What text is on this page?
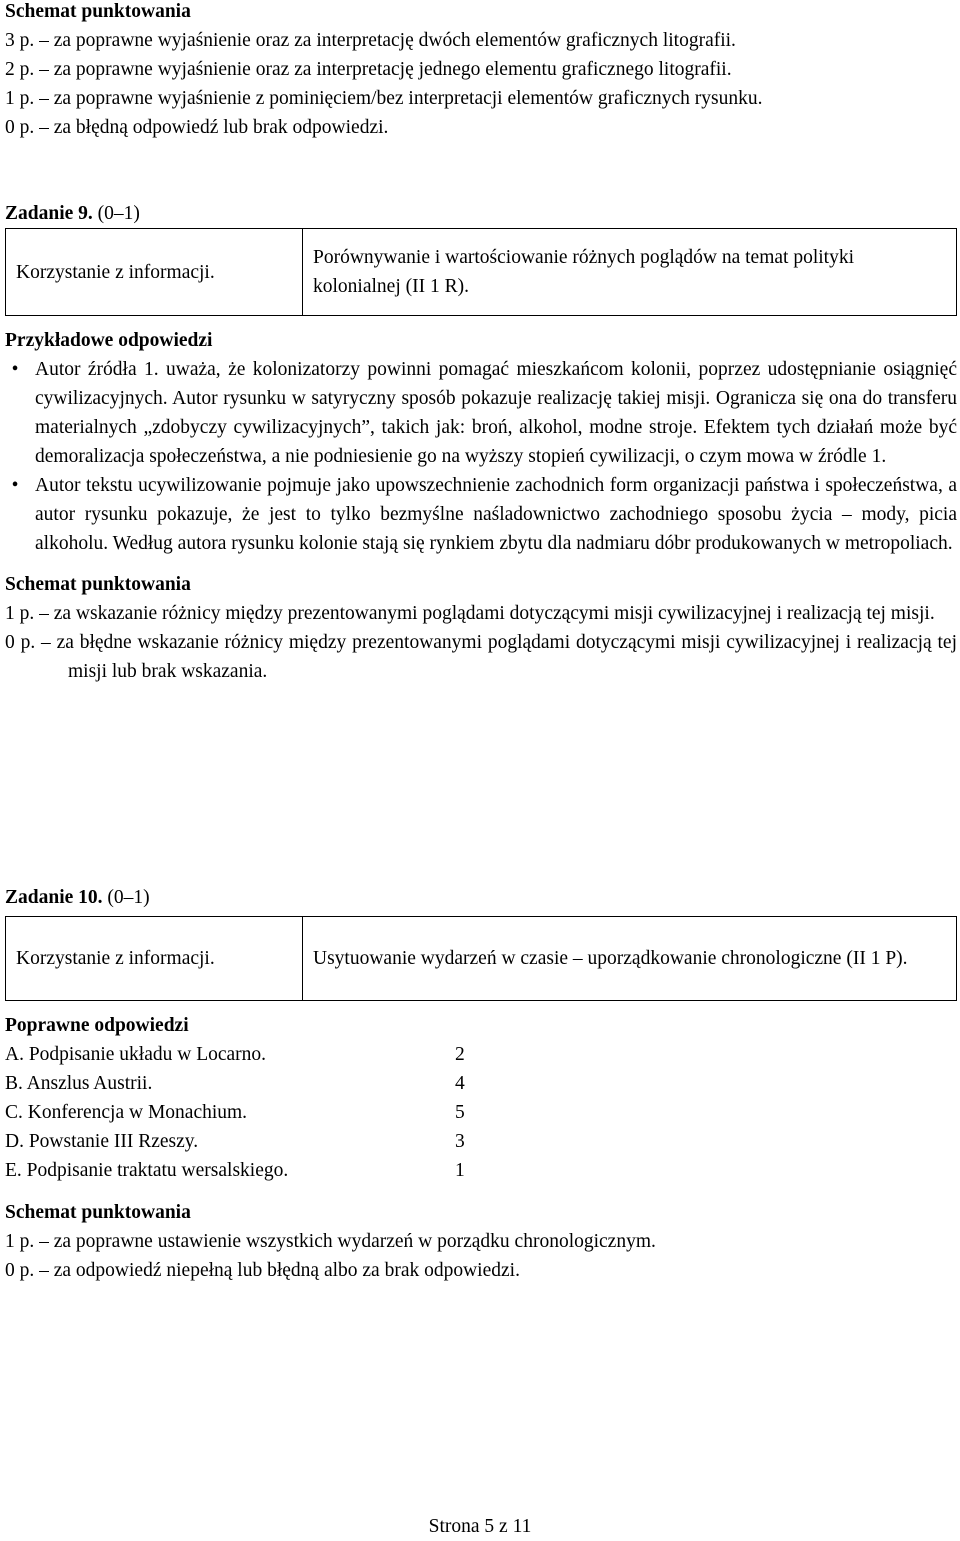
Schemat punktowania

3 p.
– za poprawne wyjaśnienie oraz za interpretację dwóch elementów graficznych litografii.
2 p.
– za poprawne wyjaśnienie oraz za interpretację jednego elementu graficznego litografii.
1 p.
– za poprawne wyjaśnienie z pominięciem/bez interpretacji elementów graficznych rysunku.
0 p.
– za błędną odpowiedź lub brak odpowiedzi.

Zadanie 9. (0–1)

Korzystanie z informacji.	Porównywanie i wartościowanie różnych poglądów na temat polityki kolonialnej (II 1 R).

Przykładowe odpowiedzi

• Autor źródła 1. uważa, że kolonizatorzy powinni pomagać mieszkańcom kolonii, poprzez udostępnianie osiągnięć cywilizacyjnych. Autor rysunku w satyryczny sposób pokazuje realizację takiej misji. Ogranicza się ona do transferu materialnych „zdobyczy cywilizacyjnych”, takich jak: broń, alkohol, modne stroje. Efektem tych działań może być demoralizacja społeczeństwa, a nie podniesienie go na wyższy stopień cywilizacji, o czym mowa w źródle 1.
• Autor tekstu ucywilizowanie pojmuje jako upowszechnienie zachodnich form organizacji państwa i społeczeństwa, a autor rysunku pokazuje, że jest to tylko bezmyślne naśladownictwo zachodniego sposobu życia – mody, picia alkoholu. Według autora rysunku kolonie stają się rynkiem zbytu dla nadmiaru dóbr produkowanych w metropoliach.

Schemat punktowania

1 p. – za wskazanie różnicy między prezentowanymi poglądami dotyczącymi misji cywilizacyjnej i realizacją tej misji.

0 p. – za błędne wskazanie różnicy między prezentowanymi poglądami dotyczącymi misji cywilizacyjnej i realizacją tej misji lub brak wskazania.

Zadanie 10. (0–1)

Korzystanie z informacji.	Usytuowanie wydarzeń w czasie – uporządkowanie chronologiczne (II 1 P).

Poprawne odpowiedzi

A. Podpisanie układu w Locarno.	2
B. Anszlus Austrii.	4
C. Konferencja w Monachium.	5
D. Powstanie III Rzeszy.	3
E. Podpisanie traktatu wersalskiego.	1

Schemat punktowania

1 p. – za poprawne ustawienie wszystkich wydarzeń w porządku chronologicznym.

0 p. – za odpowiedź niepełną lub błędną albo za brak odpowiedzi.

Strona 5 z 11
